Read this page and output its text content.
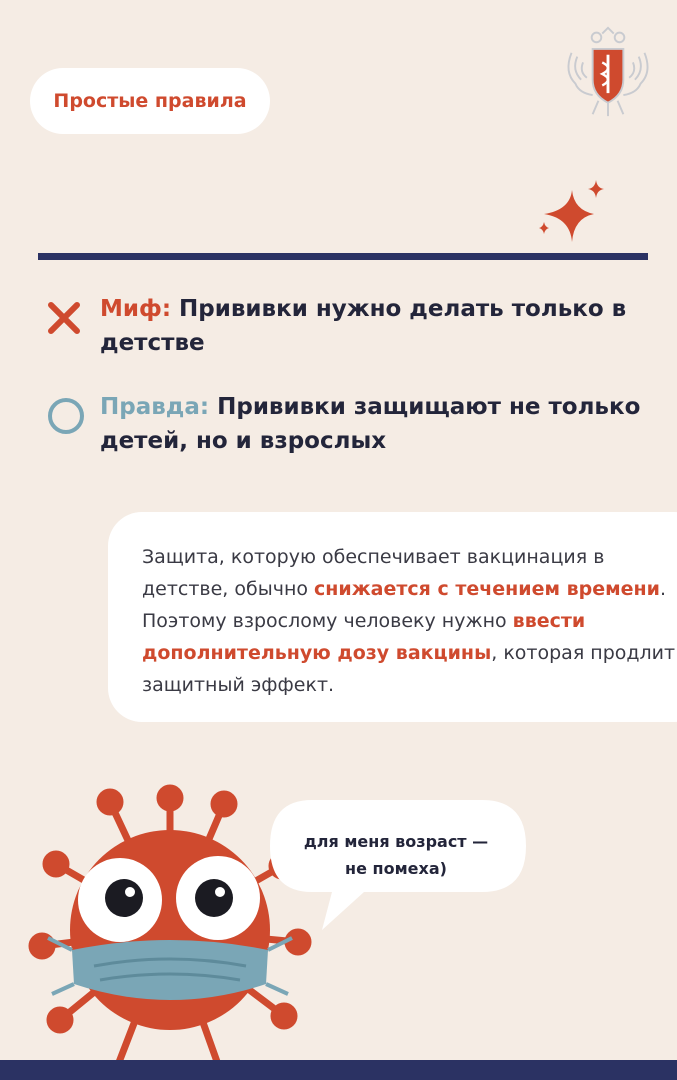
Простые правила
Миф: Прививки нужно делать только в детстве
Правда: Прививки защищают не только детей, но и взрослых

Защита, которую обеспечивает вакцинация в детстве, обычно снижается с течением времени. Поэтому взрослому человеку нужно ввести дополнительную дозу вакцины, которая продлит защитный эффект.

для меня возраст —
не помеха)
